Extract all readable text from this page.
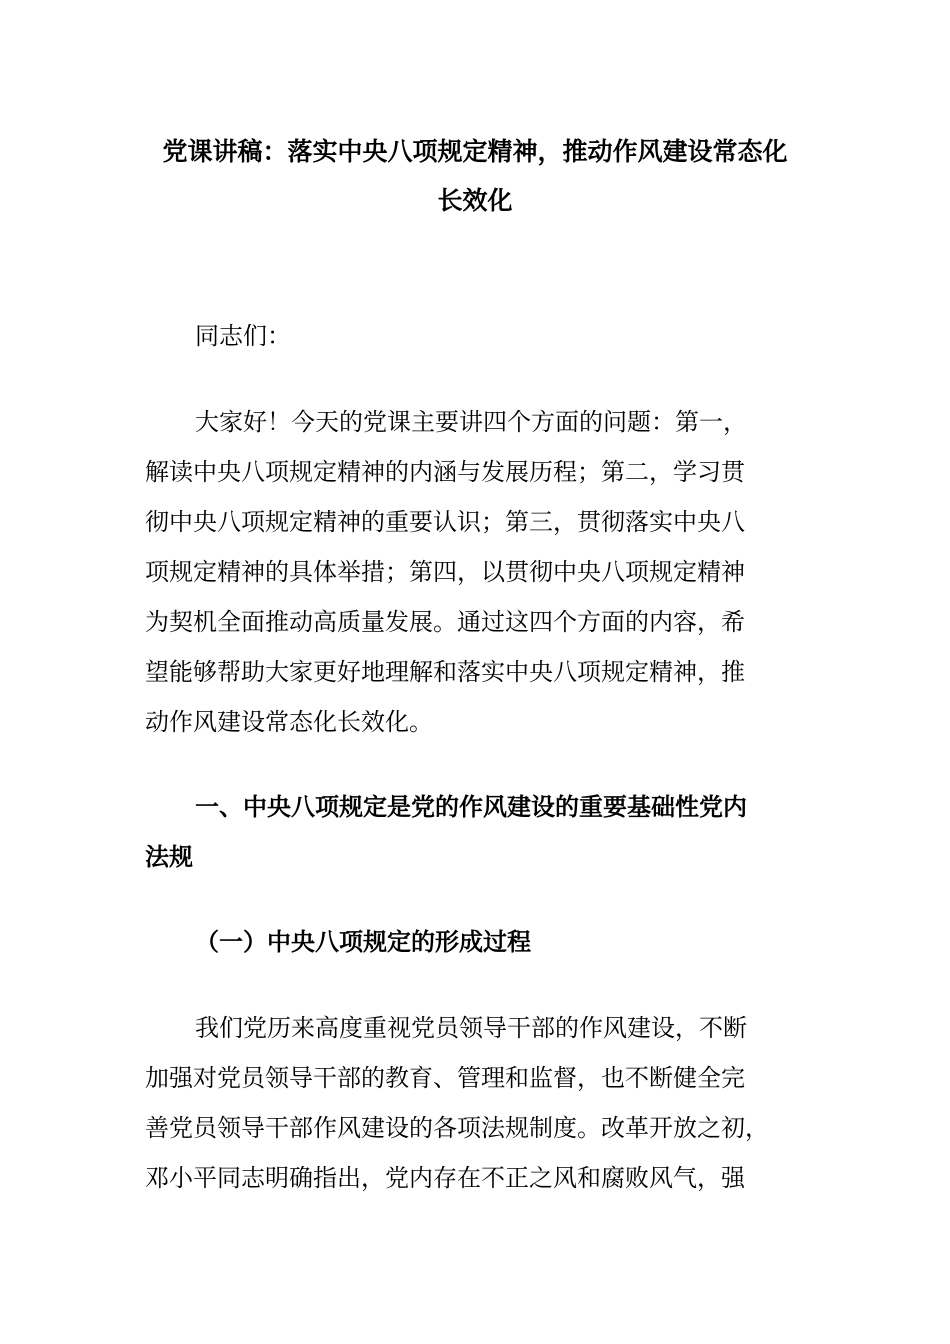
党课讲稿：落实中央八项规定精神，推动作风建设常态化
长效化
同志们：
大家好！今天的党课主要讲四个方面的问题：第一，
解读中央八项规定精神的内涵与发展历程；第二，学习贯
彻中央八项规定精神的重要认识；第三，贯彻落实中央八
项规定精神的具体举措；第四，以贯彻中央八项规定精神
为契机全面推动高质量发展。通过这四个方面的内容，希
望能够帮助大家更好地理解和落实中央八项规定精神，推
动作风建设常态化长效化。
一、中央八项规定是党的作风建设的重要基础性党内
法规
（一）中央八项规定的形成过程
我们党历来高度重视党员领导干部的作风建设，不断
加强对党员领导干部的教育、管理和监督，也不断健全完
善党员领导干部作风建设的各项法规制度。改革开放之初，
邓小平同志明确指出，党内存在不正之风和腐败风气，强
